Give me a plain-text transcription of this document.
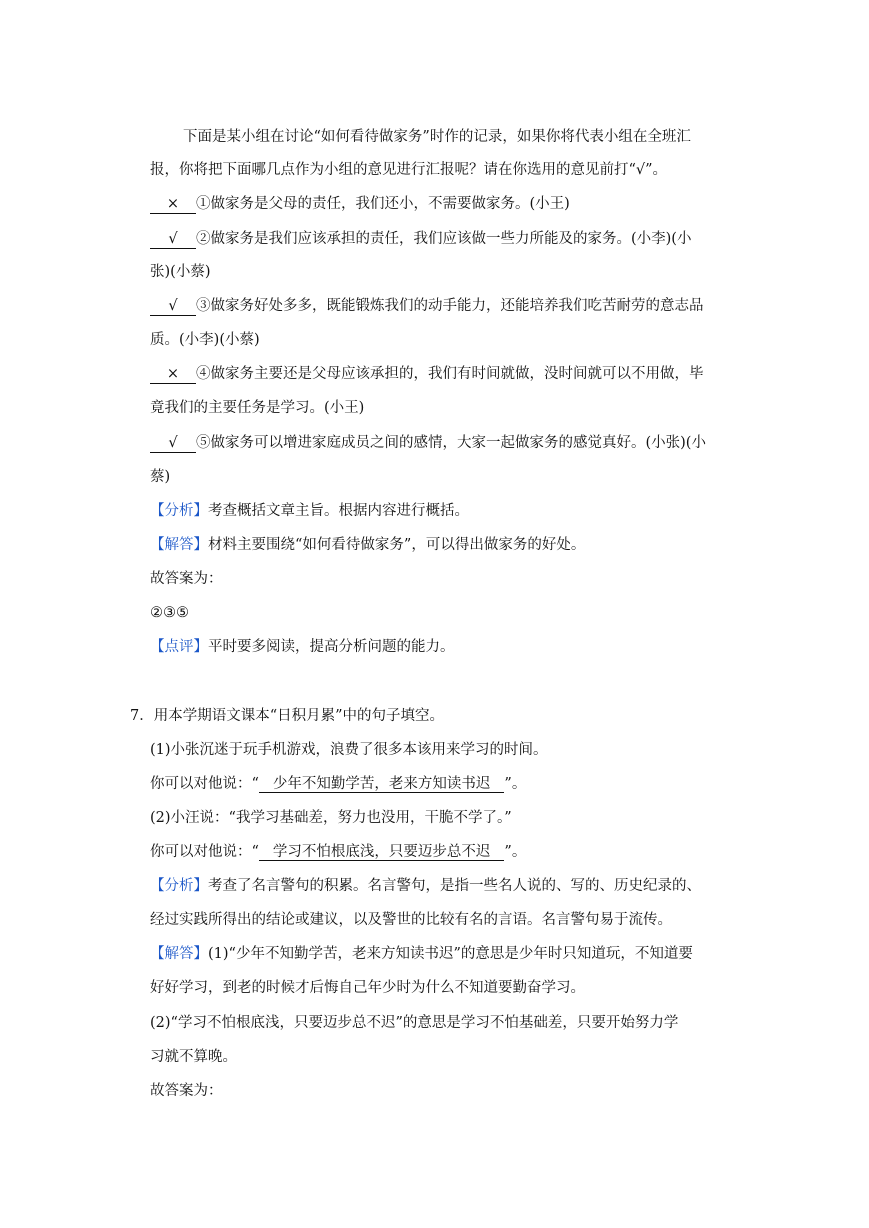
下面是某小组在讨论“如何看待做家务”时作的记录，如果你将代表小组在全班汇
报，你将把下面哪几点作为小组的意见进行汇报呢？请在你选用的意见前打“√”。
× ①做家务是父母的责任，我们还小，不需要做家务。(小王)
√ ②做家务是我们应该承担的责任，我们应该做一些力所能及的家务。(小李)(小
张)(小蔡)
√ ③做家务好处多多，既能锻炼我们的动手能力，还能培养我们吃苦耐劳的意志品
质。(小李)(小蔡)
× ④做家务主要还是父母应该承担的，我们有时间就做，没时间就可以不用做，毕
竟我们的主要任务是学习。(小王)
√ ⑤做家务可以增进家庭成员之间的感情，大家一起做家务的感觉真好。(小张)(小
蔡)
【分析】考查概括文章主旨。根据内容进行概括。
【解答】材料主要围绕“如何看待做家务”，可以得出做家务的好处。
故答案为：
②③⑤
【点评】平时要多阅读，提高分析问题的能力。
7．用本学期语文课本“日积月累”中的句子填空。
(1)小张沉迷于玩手机游戏，浪费了很多本该用来学习的时间。
你可以对他说：“ 少年不知勤学苦，老来方知读书迟 ”。
(2)小汪说：“我学习基础差，努力也没用，干脆不学了。”
你可以对他说：“ 学习不怕根底浅，只要迈步总不迟 ”。
【分析】考查了名言警句的积累。名言警句，是指一些名人说的、写的、历史纪录的、
经过实践所得出的结论或建议，以及警世的比较有名的言语。名言警句易于流传。
【解答】(1)“少年不知勤学苦，老来方知读书迟”的意思是少年时只知道玩，不知道要
好好学习，到老的时候才后悔自己年少时为什么不知道要勤奋学习。
(2)“学习不怕根底浅，只要迈步总不迟”的意思是学习不怕基础差，只要开始努力学
习就不算晚。
故答案为：
